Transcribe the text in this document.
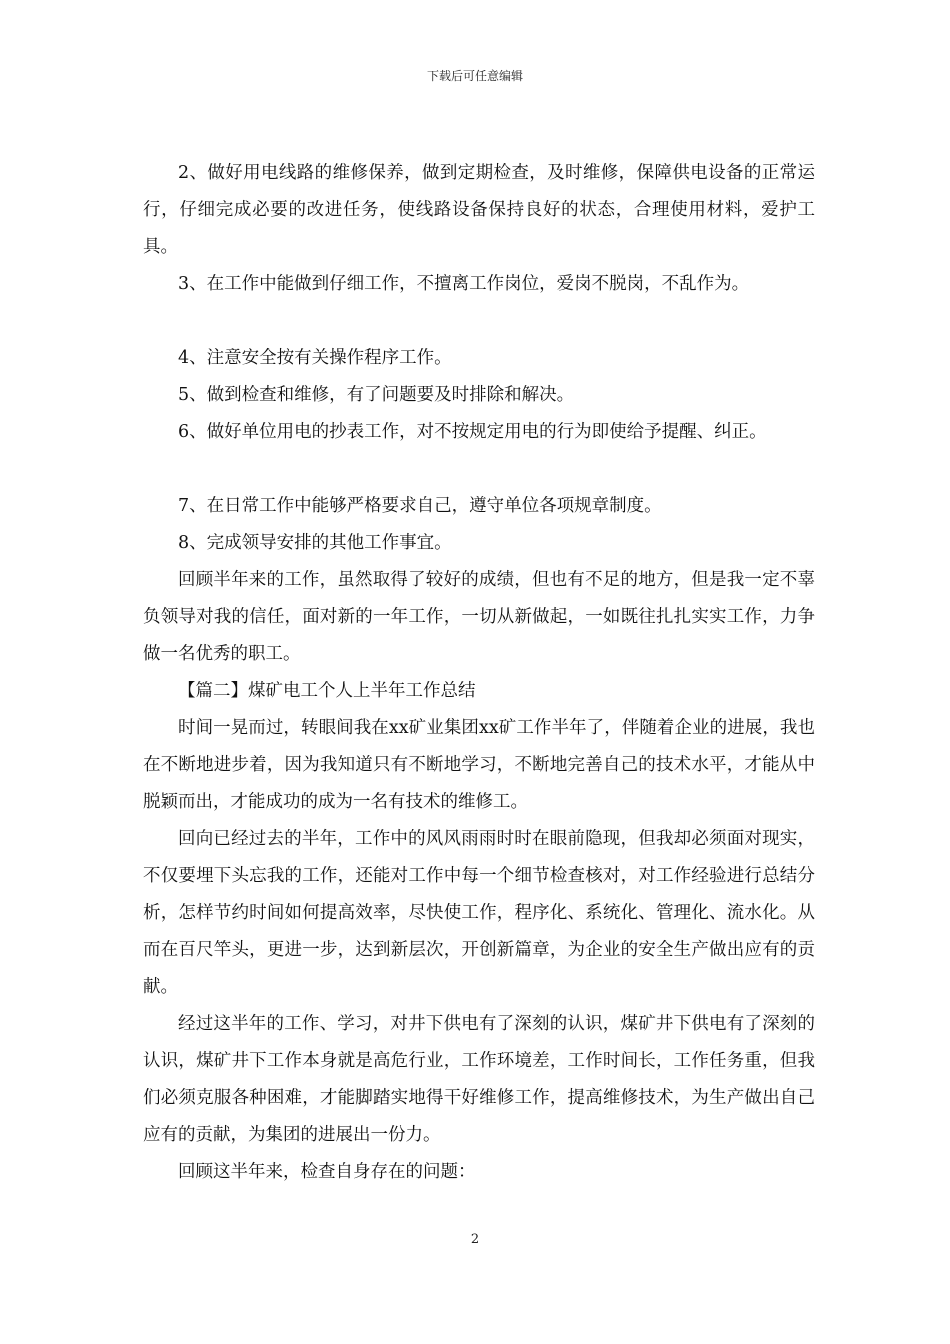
下载后可任意编辑

2、做好用电线路的维修保养，做到定期检查，及时维修，保障供电设备的正常运行，仔细完成必要的改进任务，使线路设备保持良好的状态，合理使用材料，爱护工具。

3、在工作中能做到仔细工作，不擅离工作岗位，爱岗不脱岗，不乱作为。

4、注意安全按有关操作程序工作。

5、做到检查和维修，有了问题要及时排除和解决。

6、做好单位用电的抄表工作，对不按规定用电的行为即使给予提醒、纠正。

7、在日常工作中能够严格要求自己，遵守单位各项规章制度。

8、完成领导安排的其他工作事宜。

回顾半年来的工作，虽然取得了较好的成绩，但也有不足的地方，但是我一定不辜负领导对我的信任，面对新的一年工作，一切从新做起，一如既往扎扎实实工作，力争做一名优秀的职工。

【篇二】煤矿电工个人上半年工作总结

时间一晃而过，转眼间我在xx矿业集团xx矿工作半年了，伴随着企业的进展，我也在不断地进步着，因为我知道只有不断地学习，不断地完善自己的技术水平，才能从中脱颖而出，才能成功的成为一名有技术的维修工。

回向已经过去的半年，工作中的风风雨雨时时在眼前隐现，但我却必须面对现实，不仅要埋下头忘我的工作，还能对工作中每一个细节检查核对，对工作经验进行总结分析，怎样节约时间如何提高效率，尽快使工作，程序化、系统化、管理化、流水化。从而在百尺竿头，更进一步，达到新层次，开创新篇章，为企业的安全生产做出应有的贡献。

经过这半年的工作、学习，对井下供电有了深刻的认识，煤矿井下供电有了深刻的认识，煤矿井下工作本身就是高危行业，工作环境差，工作时间长，工作任务重，但我们必须克服各种困难，才能脚踏实地得干好维修工作，提高维修技术，为生产做出自己应有的贡献，为集团的进展出一份力。

回顾这半年来，检查自身存在的问题：

2
